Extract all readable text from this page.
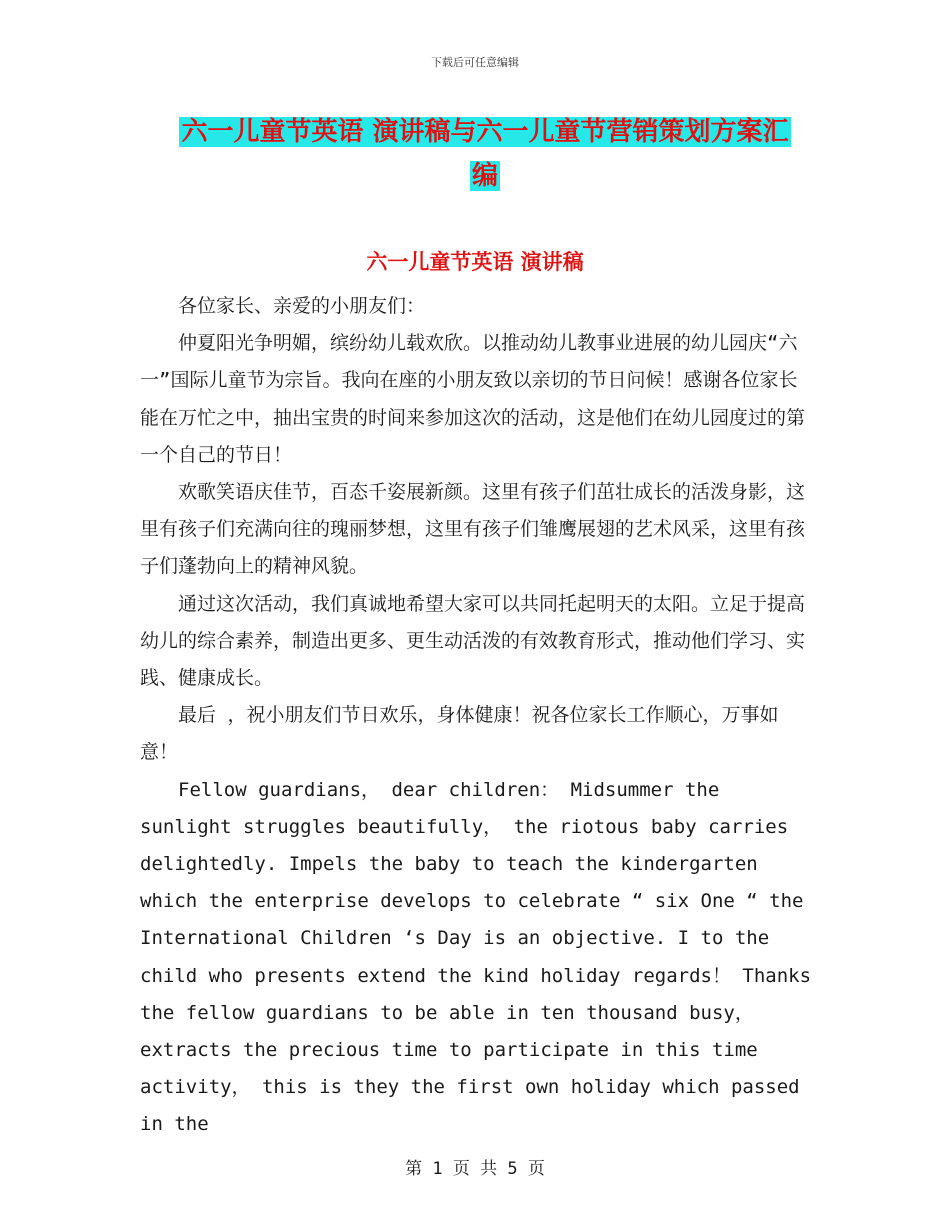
下载后可任意编辑
六一儿童节英语 演讲稿与六一儿童节营销策划方案汇
编
六一儿童节英语 演讲稿

各位家长、亲爱的小朋友们：

仲夏阳光争明媚，缤纷幼儿载欢欣。以推动幼儿教事业进展的幼儿园庆“六一”国际儿童节为宗旨。我向在座的小朋友致以亲切的节日问候！感谢各位家长能在万忙之中，抽出宝贵的时间来参加这次的活动，这是他们在幼儿园度过的第一个自己的节日！

欢歌笑语庆佳节，百态千姿展新颜。这里有孩子们茁壮成长的活泼身影，这里有孩子们充满向往的瑰丽梦想，这里有孩子们雏鹰展翅的艺术风采，这里有孩子们蓬勃向上的精神风貌。

通过这次活动，我们真诚地希望大家可以共同托起明天的太阳。立足于提高幼儿的综合素养，制造出更多、更生动活泼的有效教育形式，推动他们学习、实践、健康成长。

最后 ，祝小朋友们节日欢乐，身体健康！祝各位家长工作顺心，万事如意！

Fellow guardians， dear children： Midsummer the sunlight struggles beautifully， the riotous baby carries delightedly. Impels the baby to teach the kindergarten which the enterprise develops to celebrate “ six One “ the International Children ‘s Day is an objective. I to the child who presents extend the kind holiday regards！ Thanks the fellow guardians to be able in ten thousand busy， extracts the precious time to participate in this time activity， this is they the first own holiday which passed in the

第 1 页 共 5 页
